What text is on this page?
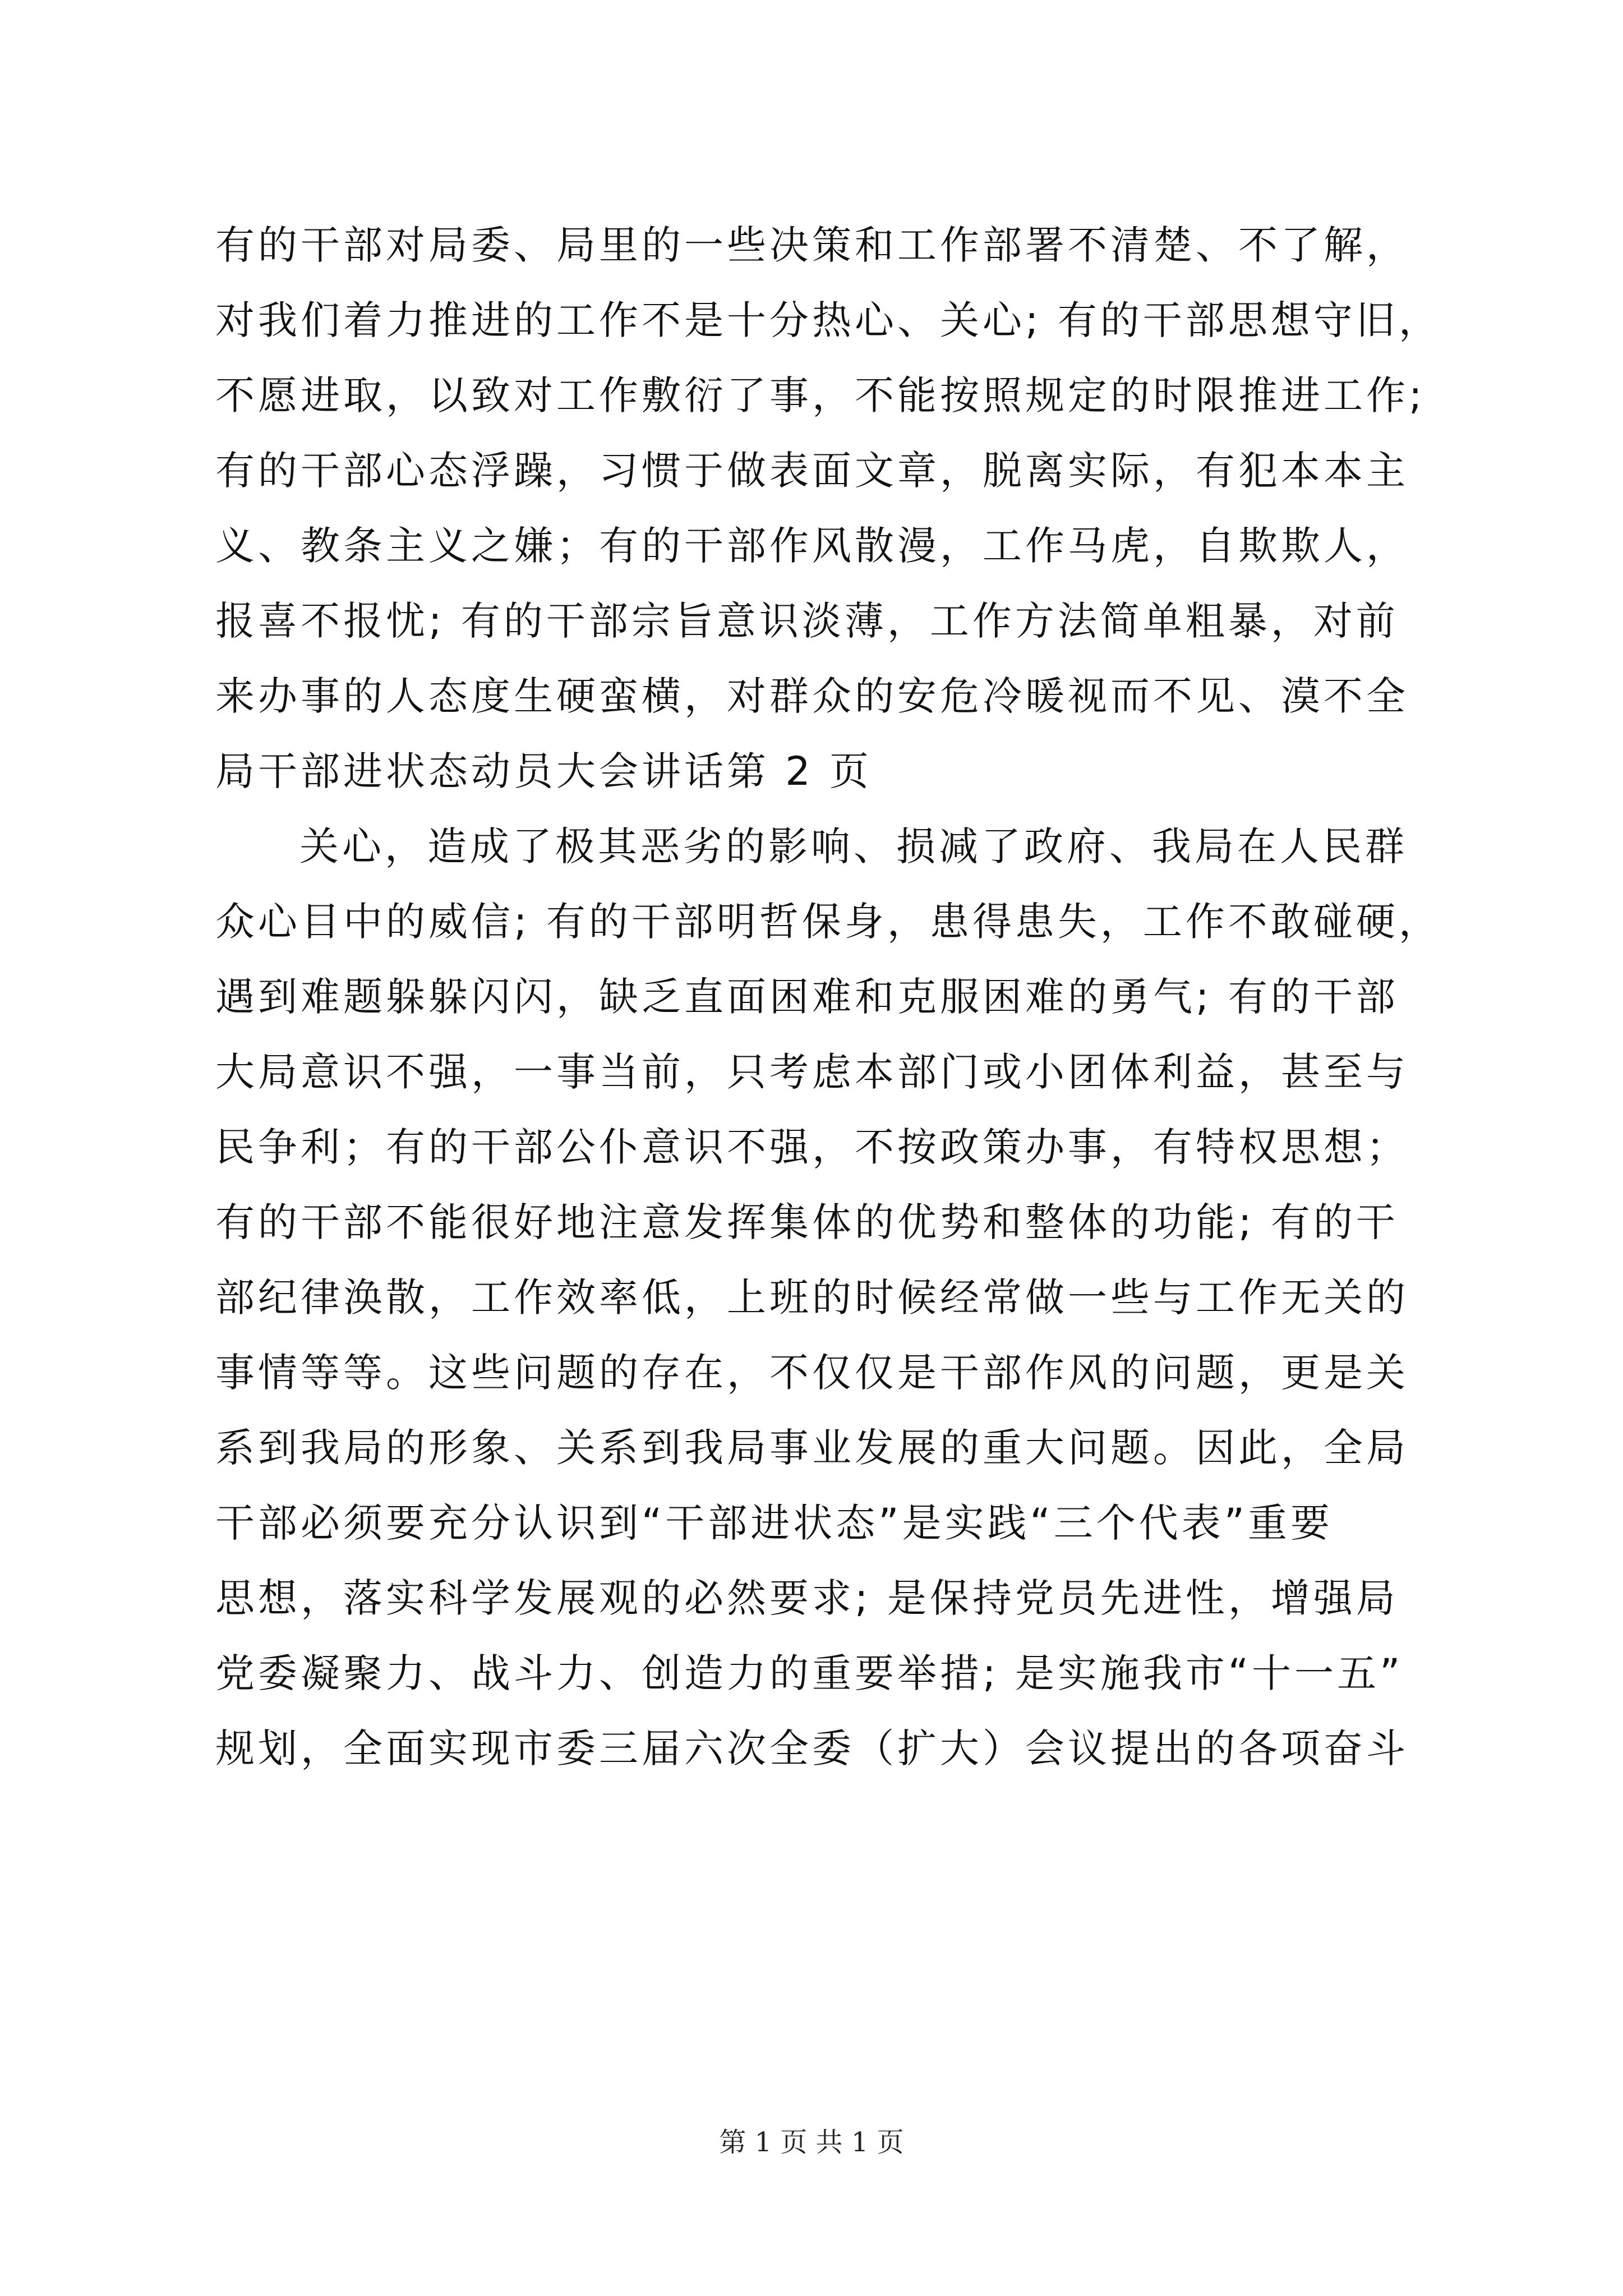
有的干部对局委、局里的一些决策和工作部署不清楚、不了解，
对我们着力推进的工作不是十分热心、关心; 有的干部思想守旧，
不愿进取，以致对工作敷衍了事，不能按照规定的时限推进工作;
有的干部心态浮躁，习惯于做表面文章，脱离实际，有犯本本主
义、教条主义之嫌；有的干部作风散漫，工作马虎，自欺欺人，
报喜不报忧; 有的干部宗旨意识淡薄，工作方法简单粗暴，对前
来办事的人态度生硬蛮横，对群众的安危冷暖视而不见、漠不全
局干部进状态动员大会讲话第 2 页
关心，造成了极其恶劣的影响、损减了政府、我局在人民群
众心目中的威信; 有的干部明哲保身，患得患失，工作不敢碰硬，
遇到难题躲躲闪闪，缺乏直面困难和克服困难的勇气; 有的干部
大局意识不强，一事当前，只考虑本部门或小团体利益，甚至与
民争利；有的干部公仆意识不强，不按政策办事，有特权思想；
有的干部不能很好地注意发挥集体的优势和整体的功能; 有的干
部纪律涣散，工作效率低，上班的时候经常做一些与工作无关的
事情等等。这些问题的存在，不仅仅是干部作风的问题，更是关
系到我局的形象、关系到我局事业发展的重大问题。因此，全局
干部必须要充分认识到“干部进状态”是实践“三个代表”重要
思想，落实科学发展观的必然要求; 是保持党员先进性，增强局
党委凝聚力、战斗力、创造力的重要举措; 是实施我市“十一五”
规划，全面实现市委三届六次全委（扩大）会议提出的各项奋斗
第 1 页 共 1 页
